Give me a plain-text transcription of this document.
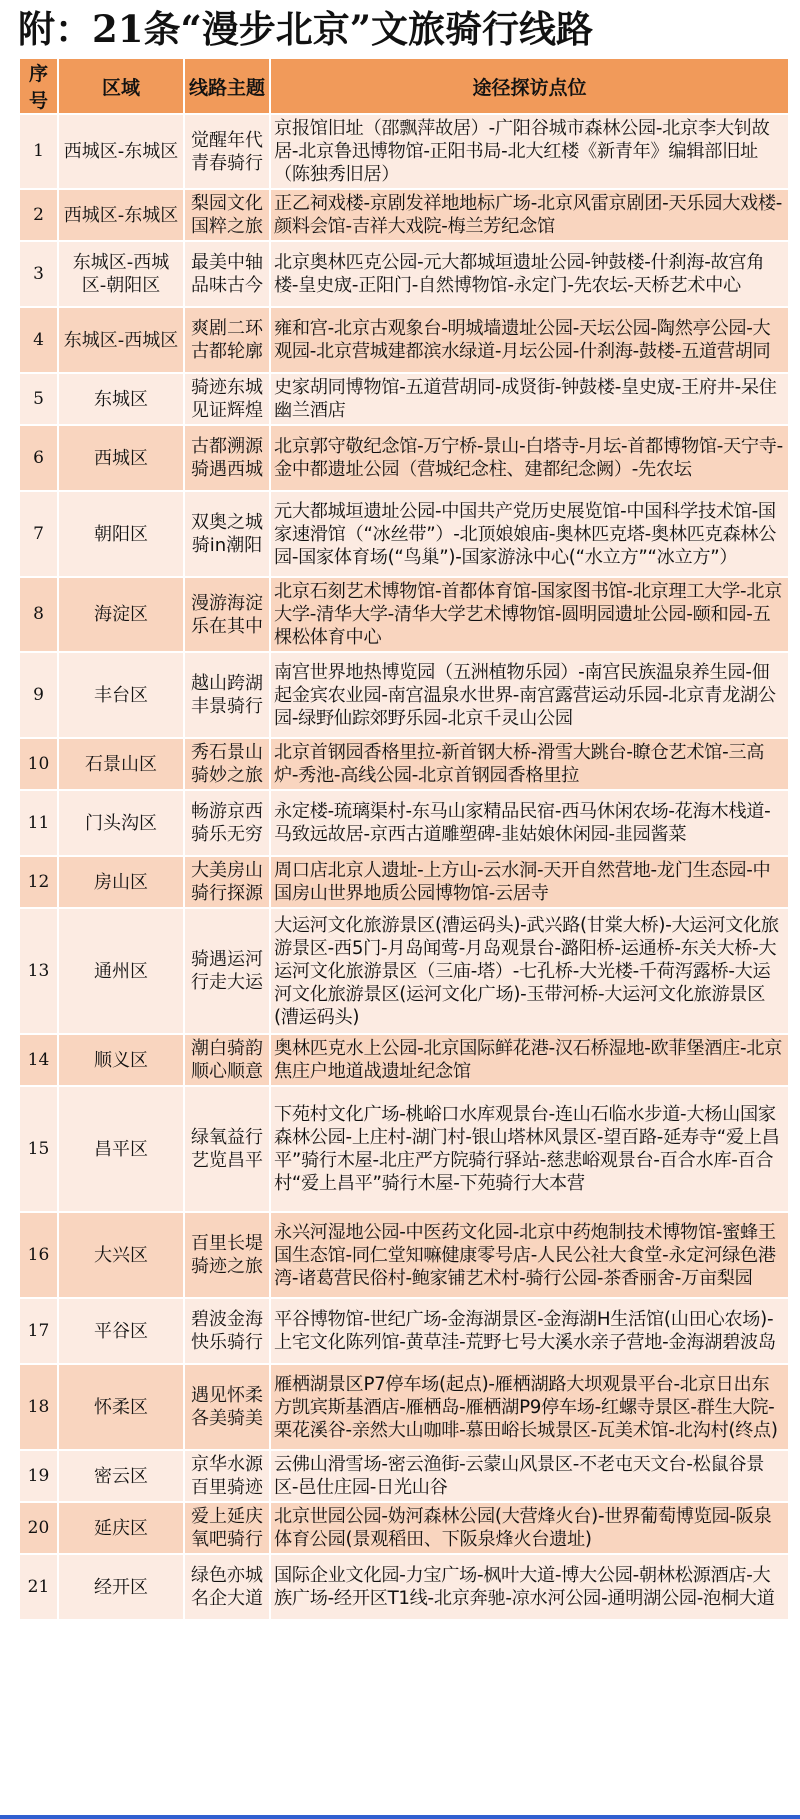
附：21条“漫步北京”文旅骑行线路
序号	区域	线路主题	途径探访点位
1	西城区-东城区	觉醒年代青春骑行	京报馆旧址（邵飘萍故居）-广阳谷城市森林公园-北京李大钊故居-北京鲁迅博物馆-正阳书局-北大红楼《新青年》编辑部旧址（陈独秀旧居）
2	西城区-东城区	梨园文化国粹之旅	正乙祠戏楼-京剧发祥地地标广场-北京风雷京剧团-天乐园大戏楼-颜料会馆-吉祥大戏院-梅兰芳纪念馆
3	东城区-西城区-朝阳区	最美中轴品味古今	北京奥林匹克公园-元大都城垣遗址公园-钟鼓楼-什刹海-故宫角楼-皇史宬-正阳门-自然博物馆-永定门-先农坛-天桥艺术中心
4	东城区-西城区	爽剧二环古都轮廓	雍和宫-北京古观象台-明城墙遗址公园-天坛公园-陶然亭公园-大观园-北京营城建都滨水绿道-月坛公园-什刹海-鼓楼-五道营胡同
5	东城区	骑迹东城见证辉煌	史家胡同博物馆-五道营胡同-成贤街-钟鼓楼-皇史宬-王府井-呆住幽兰酒店
6	西城区	古都溯源骑遇西城	北京郭守敬纪念馆-万宁桥-景山-白塔寺-月坛-首都博物馆-天宁寺-金中都遗址公园（营城纪念柱、建都纪念阙）-先农坛
7	朝阳区	双奥之城骑in潮阳	元大都城垣遗址公园-中国共产党历史展览馆-中国科学技术馆-国家速滑馆（“冰丝带”）-北顶娘娘庙-奥林匹克塔-奥林匹克森林公园-国家体育场(“鸟巢”)-国家游泳中心(“水立方”“冰立方”）
8	海淀区	漫游海淀乐在其中	北京石刻艺术博物馆-首都体育馆-国家图书馆-北京理工大学-北京大学-清华大学-清华大学艺术博物馆-圆明园遗址公园-颐和园-五棵松体育中心
9	丰台区	越山跨湖丰景骑行	南宫世界地热博览园（五洲植物乐园）-南宫民族温泉养生园-佃起金宾农业园-南宫温泉水世界-南宫露营运动乐园-北京青龙湖公园-绿野仙踪郊野乐园-北京千灵山公园
10	石景山区	秀石景山骑妙之旅	北京首钢园香格里拉-新首钢大桥-滑雪大跳台-瞭仓艺术馆-三高炉-秀池-高线公园-北京首钢园香格里拉
11	门头沟区	畅游京西骑乐无穷	永定楼-琉璃渠村-东马山家精品民宿-西马休闲农场-花海木栈道-马致远故居-京西古道雕塑碑-韭姑娘休闲园-韭园酱菜
12	房山区	大美房山骑行探源	周口店北京人遗址-上方山-云水洞-天开自然营地-龙门生态园-中国房山世界地质公园博物馆-云居寺
13	通州区	骑遇运河行走大运	大运河文化旅游景区(漕运码头)-武兴路(甘棠大桥)-大运河文化旅游景区-西5门-月岛闻莺-月岛观景台-潞阳桥-运通桥-东关大桥-大运河文化旅游景区（三庙-塔）-七孔桥-大光楼-千荷泻露桥-大运河文化旅游景区(运河文化广场)-玉带河桥-大运河文化旅游景区(漕运码头)
14	顺义区	潮白骑韵顺心顺意	奥林匹克水上公园-北京国际鲜花港-汉石桥湿地-欧菲堡酒庄-北京焦庄户地道战遗址纪念馆
15	昌平区	绿氧益行艺览昌平	下苑村文化广场-桃峪口水库观景台-连山石临水步道-大杨山国家森林公园-上庄村-湖门村-银山塔林风景区-望百路-延寿寺“爱上昌平”骑行木屋-北庄严方院骑行驿站-慈悲峪观景台-百合水库-百合村“爱上昌平”骑行木屋-下苑骑行大本营
16	大兴区	百里长堤骑迹之旅	永兴河湿地公园-中医药文化园-北京中药炮制技术博物馆-蜜蜂王国生态馆-同仁堂知嘛健康零号店-人民公社大食堂-永定河绿色港湾-诸葛营民俗村-鲍家铺艺术村-骑行公园-茶香丽舍-万亩梨园
17	平谷区	碧波金海快乐骑行	平谷博物馆-世纪广场-金海湖景区-金海湖H生活馆(山田心农场)-上宅文化陈列馆-黄草洼-荒野七号大溪水亲子营地-金海湖碧波岛
18	怀柔区	遇见怀柔各美骑美	雁栖湖景区P7停车场(起点)-雁栖湖路大坝观景平台-北京日出东方凯宾斯基酒店-雁栖岛-雁栖湖P9停车场-红螺寺景区-群生大院-栗花溪谷-亲然大山咖啡-慕田峪长城景区-瓦美术馆-北沟村(终点)
19	密云区	京华水源百里骑迹	云佛山滑雪场-密云渔街-云蒙山风景区-不老屯天文台-松鼠谷景区-邑仕庄园-日光山谷
20	延庆区	爱上延庆氧吧骑行	北京世园公园-妫河森林公园(大营烽火台)-世界葡萄博览园-阪泉体育公园(景观稻田、下阪泉烽火台遗址)
21	经开区	绿色亦城名企大道	国际企业文化园-力宝广场-枫叶大道-博大公园-朝林松源酒店-大族广场-经开区T1线-北京奔驰-凉水河公园-通明湖公园-泡桐大道
